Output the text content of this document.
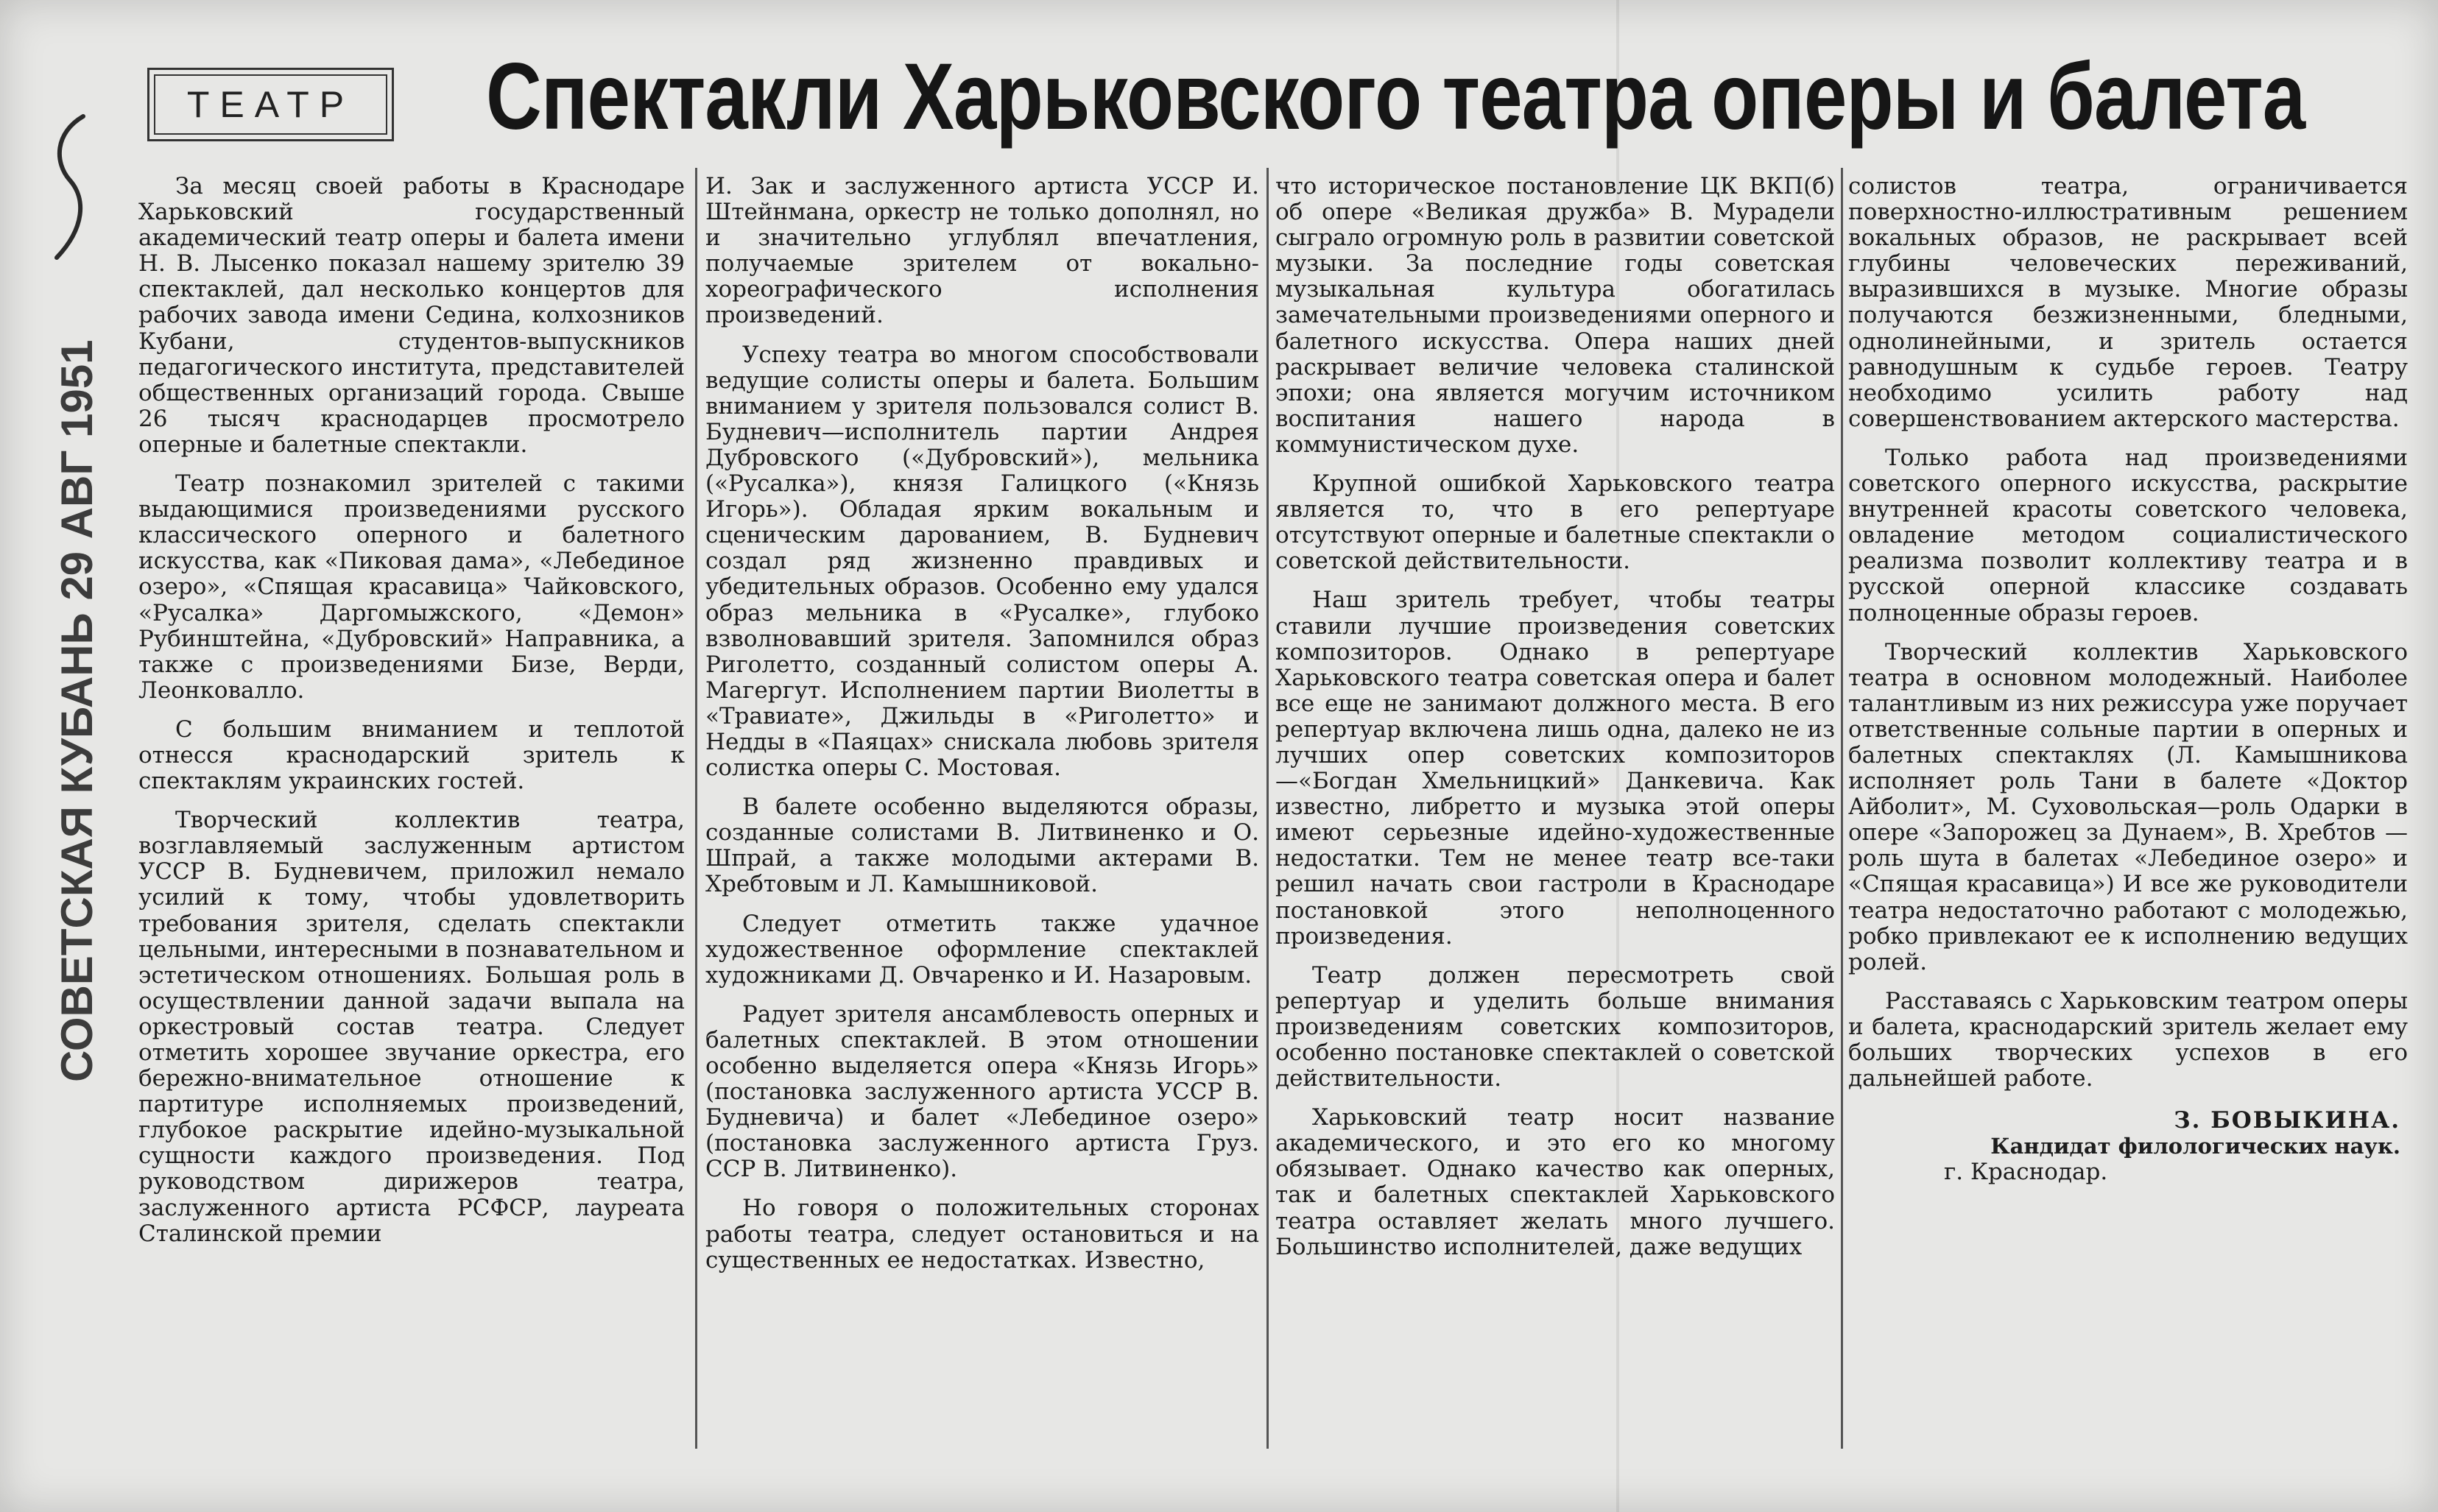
ТЕАТР Спектакли Харьковского театра оперы и балета
СОВЕТСКАЯ КУБАНЬ 29 АВГ 1951

За месяц своей работы в Краснодаре Харьковский государственный академический театр оперы и балета имени Н. В. Лысенко показал нашему зрителю 39 спектаклей, дал несколько концертов для рабочих завода имени Седина, колхозников Кубани, студентов-выпускников педагогического института, представителей общественных организаций города. Свыше 26 тысяч краснодарцев просмотрело оперные и балетные спектакли.

Театр познакомил зрителей с такими выдающимися произведениями русского классического оперного и балетного искусства, как «Пиковая дама», «Лебединое озеро», «Спящая красавица» Чайковского, «Русалка» Даргомыжского, «Демон» Рубинштейна, «Дубровский» Направника, а также с произведениями Бизе, Верди, Леонковалло.

С большим вниманием и теплотой отнесся краснодарский зритель к спектаклям украинских гостей.

Творческий коллектив театра, возглавляемый заслуженным артистом УССР В. Будневичем, приложил немало усилий к тому, чтобы удовлетворить требования зрителя, сделать спектакли цельными, интересными в познавательном и эстетическом отношениях. Большая роль в осуществлении данной задачи выпала на оркестровый состав театра. Следует отметить хорошее звучание оркестра, его бережно-внимательное отношение к партитуре исполняемых произведений, глубокое раскрытие идейно-музыкальной сущности каждого произведения. Под руководством дирижеров театра, заслуженного артиста РСФСР, лауреата Сталинской премии

И. Зак и заслуженного артиста УССР И. Штейнмана, оркестр не только дополнял, но и значительно углублял впечатления, получаемые зрителем от вокально-хореографического исполнения произведений.

Успеху театра во многом способствовали ведущие солисты оперы и балета. Большим вниманием у зрителя пользовался солист В. Будневич—исполнитель партии Андрея Дубровского («Дубровский»), мельника («Русалка»), князя Галицкого («Князь Игорь»). Обладая ярким вокальным и сценическим дарованием, В. Будневич создал ряд жизненно правдивых и убедительных образов. Особенно ему удался образ мельника в «Русалке», глубоко взволновавший зрителя. Запомнился образ Риголетто, созданный солистом оперы А. Магергут. Исполнением партии Виолетты в «Травиате», Джильды в «Риголетто» и Недды в «Паяцах» снискала любовь зрителя солистка оперы С. Мостовая.

В балете особенно выделяются образы, созданные солистами В. Литвиненко и О. Шпрай, а также молодыми актерами В. Хребтовым и Л. Камышниковой.

Следует отметить также удачное художественное оформление спектаклей художниками Д. Овчаренко и И. Назаровым.

Радует зрителя ансамблевость оперных и балетных спектаклей. В этом отношении особенно выделяется опера «Князь Игорь» (постановка заслуженного артиста УССР В. Будневича) и балет «Лебединое озеро» (постановка заслуженного артиста Груз. ССР В. Литвиненко).

Но говоря о положительных сторонах работы театра, следует остановиться и на существенных ее недостатках. Известно,

что историческое постановление ЦК ВКП(б) об опере «Великая дружба» В. Мурадели сыграло огромную роль в развитии советской музыки. За последние годы советская музыкальная культура обогатилась замечательными произведениями оперного и балетного искусства. Опера наших дней раскрывает величие человека сталинской эпохи; она является могучим источником воспитания нашего народа в коммунистическом духе.

Крупной ошибкой Харьковского театра является то, что в его репертуаре отсутствуют оперные и балетные спектакли о советской действительности.

Наш зритель требует, чтобы театры ставили лучшие произведения советских композиторов. Однако в репертуаре Харьковского театра советская опера и балет все еще не занимают должного места. В его репертуар включена лишь одна, далеко не из лучших опер советских композиторов —«Богдан Хмельницкий» Данкевича. Как известно, либретто и музыка этой оперы имеют серьезные идейно-художественные недостатки. Тем не менее театр все-таки решил начать свои гастроли в Краснодаре постановкой этого неполноценного произведения.

Театр должен пересмотреть свой репертуар и уделить больше внимания произведениям советских композиторов, особенно постановке спектаклей о советской действительности.

Харьковский театр носит название академического, и это его ко многому обязывает. Однако качество как оперных, так и балетных спектаклей Харьковского театра оставляет желать много лучшего. Большинство исполнителей, даже ведущих

солистов театра, ограничивается поверхностно-иллюстративным решением вокальных образов, не раскрывает всей глубины человеческих переживаний, выразившихся в музыке. Многие образы получаются безжизненными, бледными, однолинейными, и зритель остается равнодушным к судьбе героев. Театру необходимо усилить работу над совершенствованием актерского мастерства.

Только работа над произведениями советского оперного искусства, раскрытие внутренней красоты советского человека, овладение методом социалистического реализма позволит коллективу театра и в русской оперной классике создавать полноценные образы героев.

Творческий коллектив Харьковского театра в основном молодежный. Наиболее талантливым из них режиссура уже поручает ответственные сольные партии в оперных и балетных спектаклях (Л. Камышникова исполняет роль Тани в балете «Доктор Айболит», М. Суховольская—роль Одарки в опере «Запорожец за Дунаем», В. Хребтов — роль шута в балетах «Лебединое озеро» и «Спящая красавица») И все же руководители театра недостаточно работают с молодежью, робко привлекают ее к исполнению ведущих ролей.

Расставаясь с Харьковским театром оперы и балета, краснодарский зритель желает ему больших творческих успехов в его дальнейшей работе.

З. БОВЫКИНА.
Кандидат филологических наук.
г. Краснодар.
